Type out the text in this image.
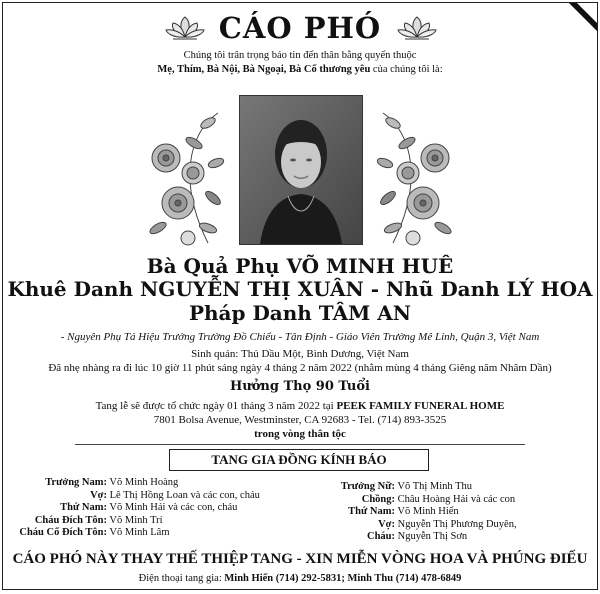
CÁO PHÓ
Chúng tôi trân trọng báo tin đến thân bằng quyến thuộc
Mẹ, Thím, Bà Nội, Bà Ngoại, Bà Cố thương yêu của chúng tôi là:
Bà Quả Phụ VÕ MINH HUÊ
Khuê Danh NGUYỄN THỊ XUÂN - Nhũ Danh LÝ HOA
Pháp Danh TÂM AN
- Nguyên Phụ Tá Hiệu Trưởng Trường Đồ Chiểu - Tân Định - Giáo Viên Trường Mê Linh, Quận 3, Việt Nam
Sinh quán: Thủ Dầu Một, Bình Dương, Việt Nam
Đã nhẹ nhàng ra đi lúc 10 giờ 11 phút sáng ngày 4 tháng 2 năm 2022 (nhằm mùng 4 tháng Giêng năm Nhâm Dần)
Hưởng Thọ 90 Tuổi
Tang lễ sẽ được tổ chức ngày 01 tháng 3 năm 2022 tại PEEK FAMILY FUNERAL HOME
7801 Bolsa Avenue, Westminster, CA 92683 - Tel. (714) 893-3525
trong vòng thân tộc
TANG GIA ĐỒNG KÍNH BÁO
Trưởng Nam: Võ Minh Hoàng
Vợ: Lê Thị Hồng Loan và các con, cháu
Thứ Nam: Võ Minh Hải và các con, cháu
Cháu Đích Tôn: Võ Minh Trí
Cháu Cố Đích Tôn: Võ Minh Lâm
Trưởng Nữ: Võ Thị Minh Thu
Chồng: Châu Hoàng Hải và các con
Thứ Nam: Võ Minh Hiển
Vợ: Nguyễn Thị Phương Duyên,
Cháu: Nguyễn Thị Sơn
CÁO PHÓ NÀY THAY THẾ THIỆP TANG - XIN MIỄN VÒNG HOA VÀ PHÚNG ĐIẾU
Điện thoại tang gia: Minh Hiển (714) 292-5831; Minh Thu (714) 478-6849
